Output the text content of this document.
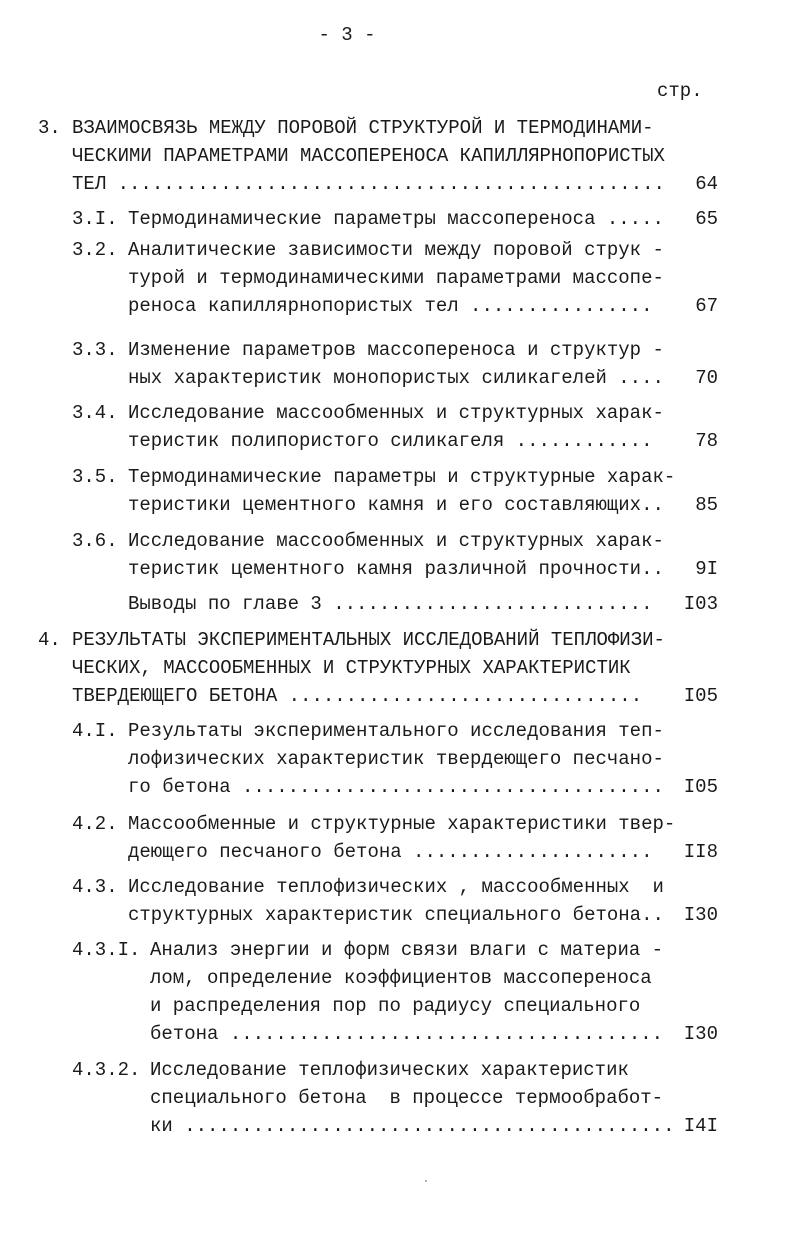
- 3 -
стр.
3. ВЗАИМОСВЯЗЬ МЕЖДУ ПОРОВОЙ СТРУКТУРОЙ И ТЕРМОДИНАМИ-
ЧЕСКИМИ ПАРАМЕТРАМИ МАССОПЕРЕНОСА КАПИЛЛЯРНОПОРИСТЫХ
ТЕЛ ................................................ 64
3.I. Термодинамические параметры массопереноса ..... 65
3.2. Аналитические зависимости между поровой струк -
турой и термодинамическими параметрами массопе-
реноса капиллярнопористых тел ................ 67
3.3. Изменение параметров массопереноса и структур -
ных характеристик монопористых силикагелей .... 70
3.4. Исследование массообменных и структурных харак-
теристик полипористого силикагеля ............ 78
3.5. Термодинамические параметры и структурные харак-
теристики цементного камня и его составляющих.. 85
3.6. Исследование массообменных и структурных харак-
теристик цементного камня различной прочности.. 9I
Выводы по главе 3 ............................ I03
4. РЕЗУЛЬТАТЫ ЭКСПЕРИМЕНТАЛЬНЫХ ИССЛЕДОВАНИЙ ТЕПЛОФИЗИ-
ЧЕСКИХ, МАССООБМЕННЫХ И СТРУКТУРНЫХ ХАРАКТЕРИСТИК
ТВЕРДЕЮЩЕГО БЕТОНА ............................... I05
4.I. Результаты экспериментального исследования теп-
лофизических характеристик твердеющего песчано-
го бетона ..................................... I05
4.2. Массообменные и структурные характеристики твер-
деющего песчаного бетона ..................... II8
4.3. Исследование теплофизических , массообменных  и
структурных характеристик специального бетона.. I30
4.3.I. Анализ энергии и форм связи влаги с материа -
лом, определение коэффициентов массопереноса
и распределения пор по радиусу специального
бетона ...................................... I30
4.3.2. Исследование теплофизических характеристик
специального бетона  в процессе термообработ-
ки ........................................... I4I
